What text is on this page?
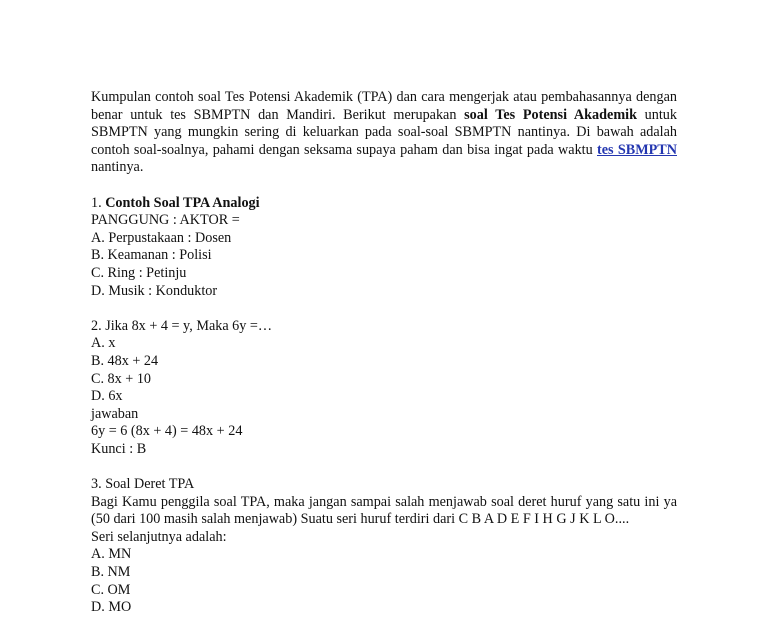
Kumpulan contoh soal Tes Potensi Akademik (TPA) dan cara mengerjak atau pembahasannya dengan benar untuk tes SBMPTN dan Mandiri. Berikut merupakan soal Tes Potensi Akademik untuk SBMPTN yang mungkin sering di keluarkan pada soal-soal SBMPTN nantinya. Di bawah adalah contoh soal-soalnya, pahami dengan seksama supaya paham dan bisa ingat pada waktu tes SBMPTN nantinya.

1. Contoh Soal TPA Analogi
PANGGUNG : AKTOR =
A. Perpustakaan : Dosen
B. Keamanan : Polisi
C. Ring : Petinju
D. Musik : Konduktor
2. Jika 8x + 4 = y, Maka 6y =…
A. x
B. 48x + 24
C. 8x + 10
D. 6x
jawaban
6y = 6 (8x + 4) = 48x + 24
Kunci : B
3. Soal Deret TPA

Bagi Kamu penggila soal TPA, maka jangan sampai salah menjawab soal deret huruf yang satu ini ya (50 dari 100 masih salah menjawab) Suatu seri huruf terdiri dari C B A D E F I H G J K L O....

Seri selanjutnya adalah:
A. MN
B. NM
C. OM
D. MO
